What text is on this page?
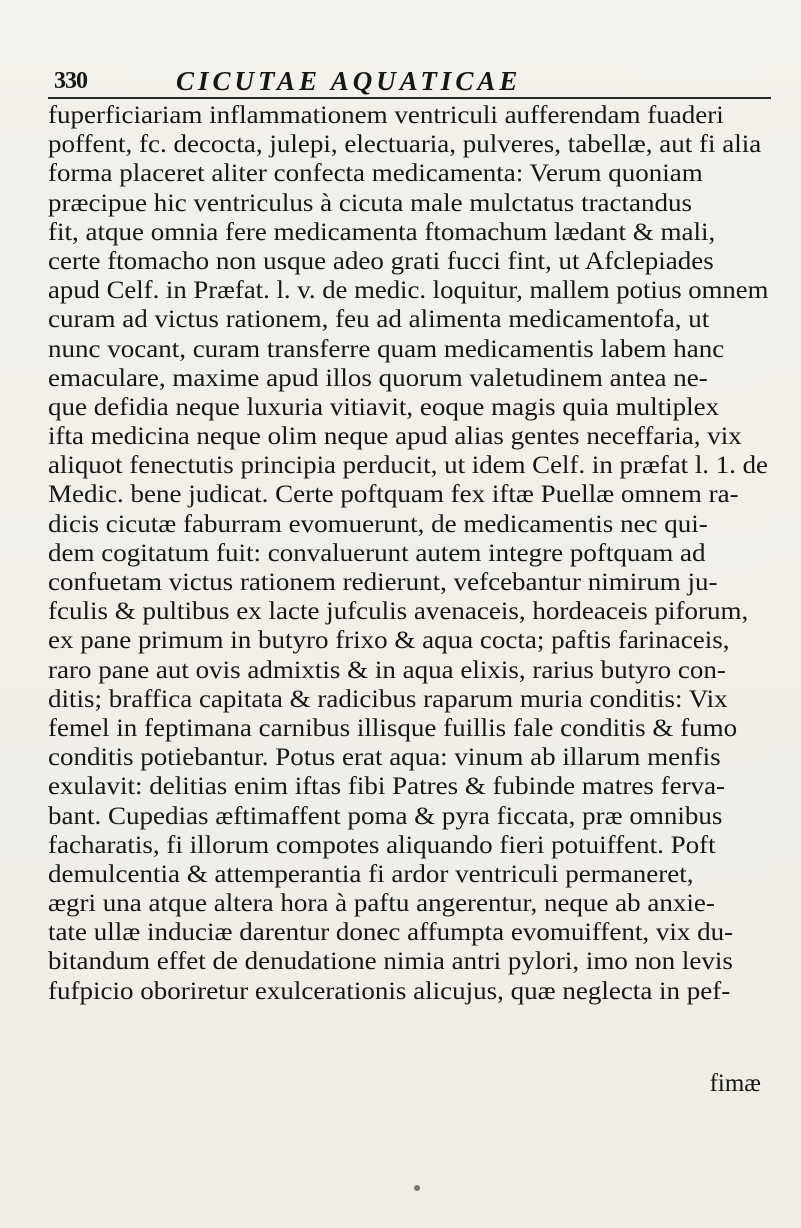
330	CICUTAE AQUATICAE
fuperficiariam inflammationem ventriculi aufferendam fuaderi
poffent, fc. decocta, julepi, electuaria, pulveres, tabellæ, aut fi alia
forma placeret aliter confecta medicamenta: Verum quoniam
præcipue hic ventriculus à cicuta male mulctatus tractandus
fit, atque omnia fere medicamenta ftomachum lædant & mali,
certe ftomacho non usque adeo grati fucci fint, ut Afclepiades
apud Celf. in Præfat. l. v. de medic. loquitur, mallem potius omnem
curam ad victus rationem, feu ad alimenta medicamentofa, ut
nunc vocant, curam transferre quam medicamentis labem hanc
emaculare, maxime apud illos quorum valetudinem antea ne-
que defidia neque luxuria vitiavit, eoque magis quia multiplex
ifta medicina neque olim neque apud alias gentes neceffaria, vix
aliquot fenectutis principia perducit, ut idem Celf. in præfat l. 1. de
Medic. bene judicat. Certe poftquam fex iftæ Puellæ omnem ra-
dicis cicutæ faburram evomuerunt, de medicamentis nec qui-
dem cogitatum fuit: convaluerunt autem integre poftquam ad
confuetam victus rationem redierunt, vefcebantur nimirum ju-
fculis & pultibus ex lacte jufculis avenaceis, hordeaceis piforum,
ex pane primum in butyro frixo & aqua cocta; paftis farinaceis,
raro pane aut ovis admixtis & in aqua elixis, rarius butyro con-
ditis; braffica capitata & radicibus raparum muria conditis: Vix
femel in feptimana carnibus illisque fuillis fale conditis & fumo
conditis potiebantur. Potus erat aqua: vinum ab illarum menfis
exulavit: delitias enim iftas fibi Patres & fubinde matres ferva-
bant. Cupedias æftimaffent poma & pyra ficcata, præ omnibus
facharatis, fi illorum compotes aliquando fieri potuiffent. Poft
demulcentia & attemperantia fi ardor ventriculi permaneret,
ægri una atque altera hora à paftu angerentur, neque ab anxie-
tate ullæ induciæ darentur donec affumpta evomuiffent, vix du-
bitandum effet de denudatione nimia antri pylori, imo non levis
fufpicio oboriretur exulcerationis alicujus, quæ neglecta in pef-
fimæ
